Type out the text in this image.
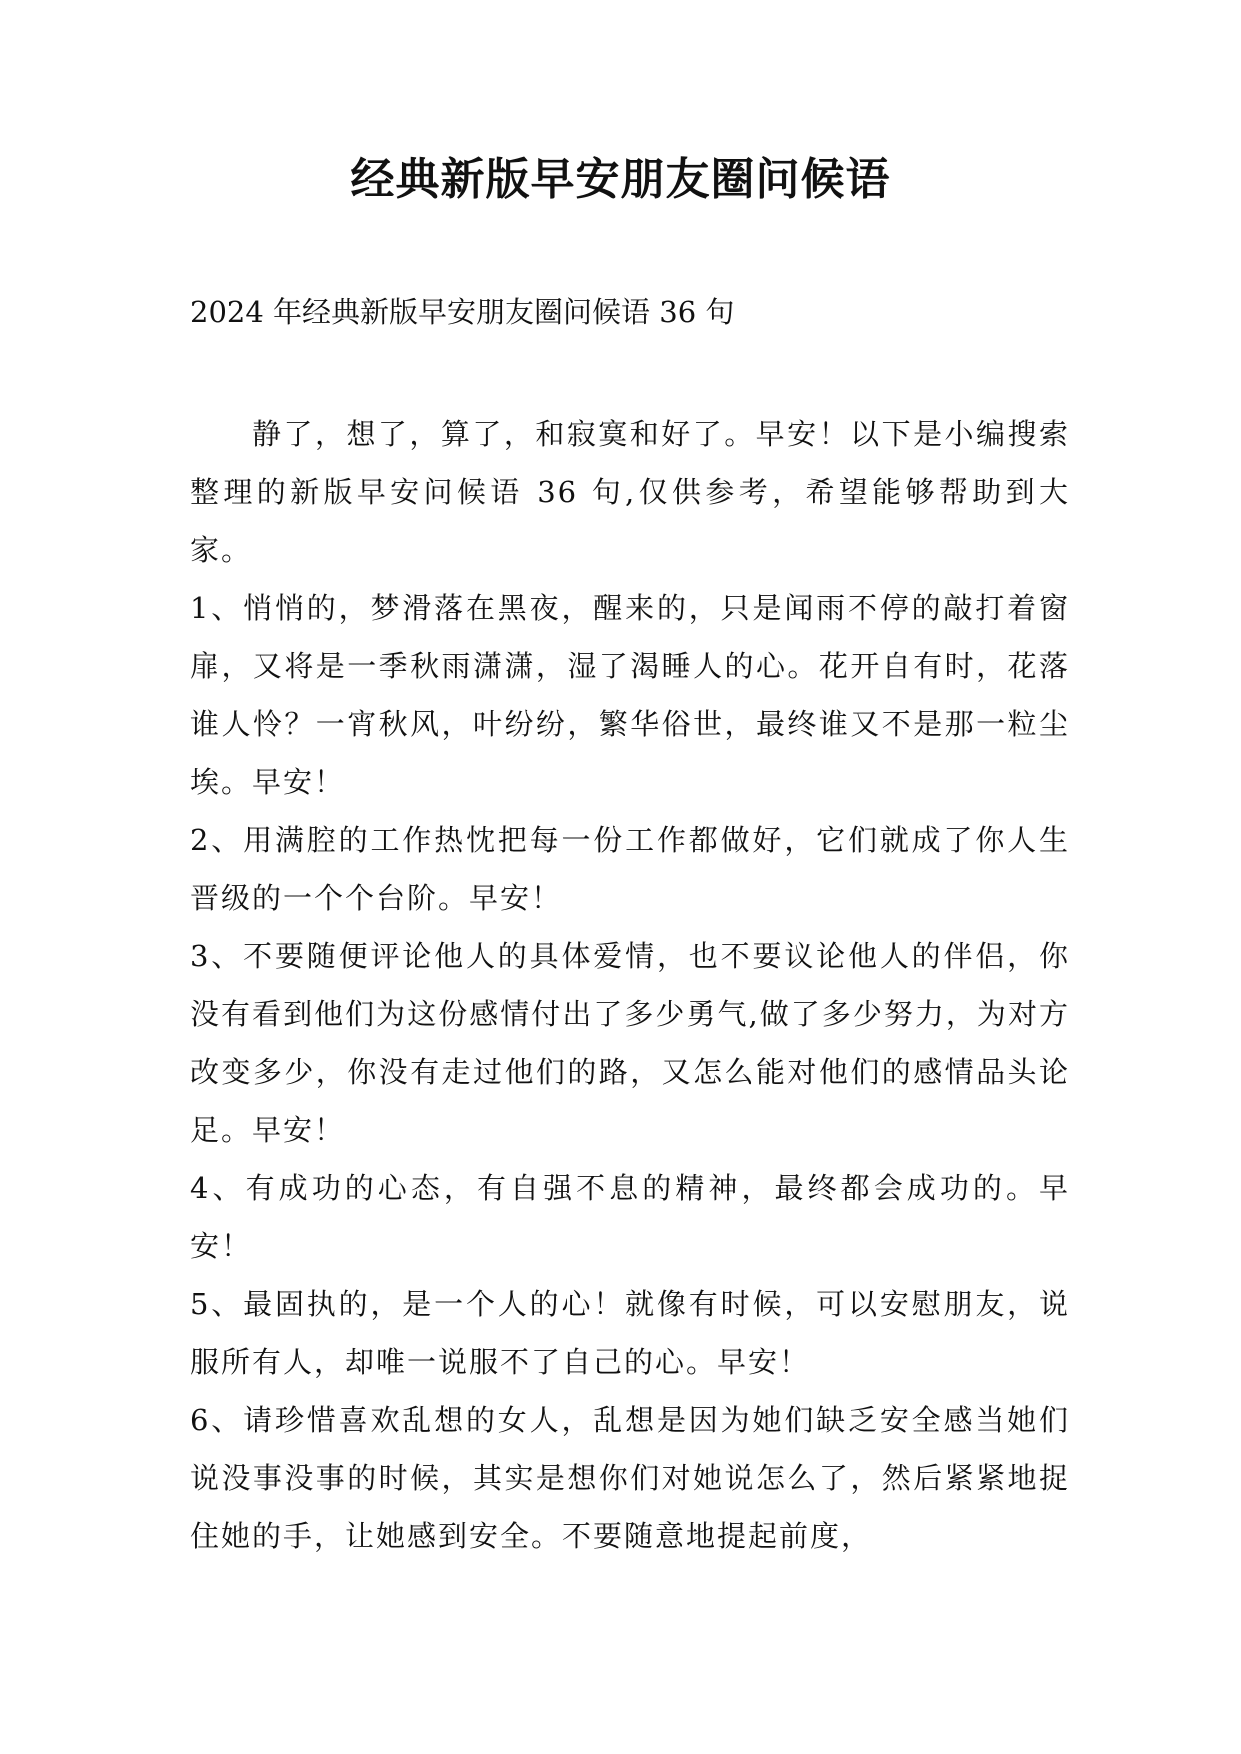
经典新版早安朋友圈问候语
2024 年经典新版早安朋友圈问候语 36 句

静了，想了，算了，和寂寞和好了。早安！以下是小编搜索整理的新版早安问候语 36 句,仅供参考，希望能够帮助到大家。

1、悄悄的，梦滑落在黑夜，醒来的，只是闻雨不停的敲打着窗扉，又将是一季秋雨潇潇，湿了渴睡人的心。花开自有时，花落谁人怜？一宵秋风，叶纷纷，繁华俗世，最终谁又不是那一粒尘埃。早安！

2、用满腔的工作热忱把每一份工作都做好，它们就成了你人生晋级的一个个台阶。早安！

3、不要随便评论他人的具体爱情，也不要议论他人的伴侣，你没有看到他们为这份感情付出了多少勇气,做了多少努力，为对方改变多少，你没有走过他们的路，又怎么能对他们的感情品头论足。早安！

4、有成功的心态，有自强不息的精神，最终都会成功的。早安！

5、最固执的，是一个人的心！就像有时候，可以安慰朋友，说服所有人，却唯一说服不了自己的心。早安！

6、请珍惜喜欢乱想的女人，乱想是因为她们缺乏安全感当她们说没事没事的时候，其实是想你们对她说怎么了，然后紧紧地捉住她的手，让她感到安全。不要随意地提起前度，
